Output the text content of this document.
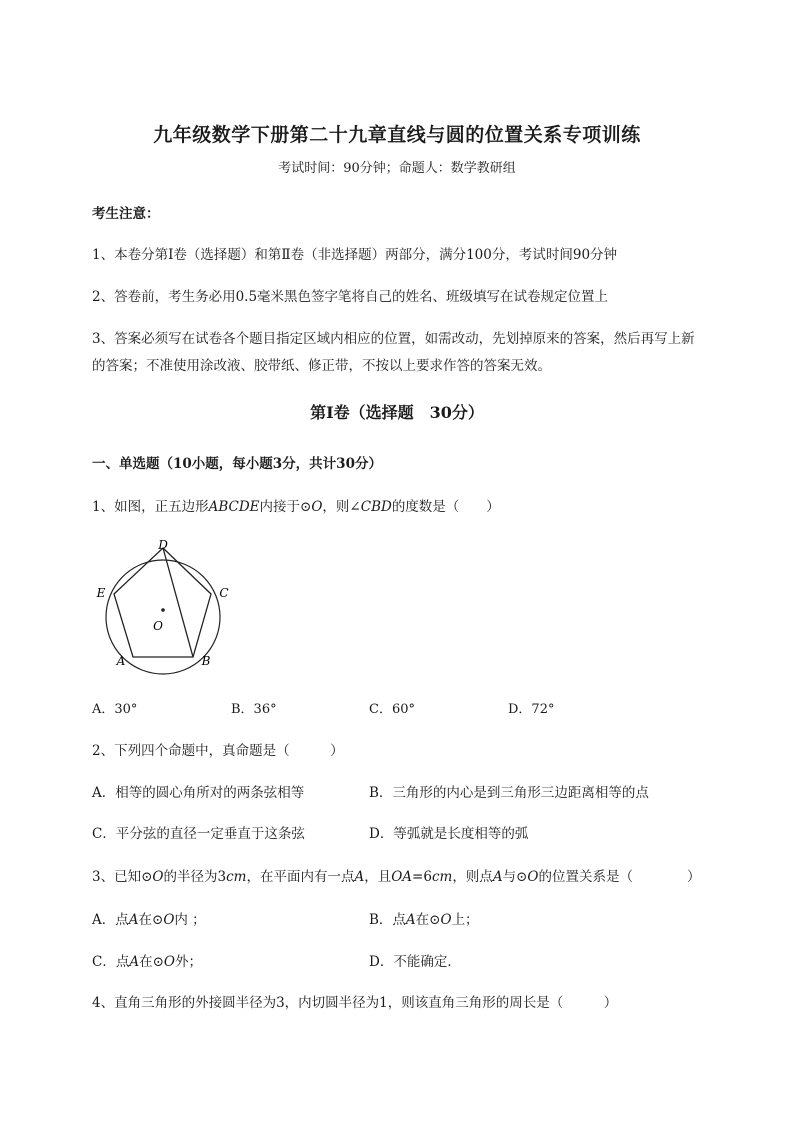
九年级数学下册第二十九章直线与圆的位置关系专项训练
考试时间：90分钟；命题人：数学教研组
考生注意：
1、本卷分第Ⅰ卷（选择题）和第Ⅱ卷（非选择题）两部分，满分100分，考试时间90分钟
2、答卷前，考生务必用0.5毫米黑色签字笔将自己的姓名、班级填写在试卷规定位置上
3、答案必须写在试卷各个题目指定区域内相应的位置，如需改动，先划掉原来的答案，然后再写上新
的答案；不准使用涂改液、胶带纸、修正带，不按以上要求作答的答案无效。
第Ⅰ卷（选择题　30分）
一、单选题（10小题，每小题3分，共计30分）
1、如图，正五边形ABCDE内接于⊙O，则∠CBD的度数是（　　）
D
C
B
A
E
O
A．30°	B．36°	C．60°	D．72°
2、下列四个命题中，真命题是（　　　）
A．相等的圆心角所对的两条弦相等	B．三角形的内心是到三角形三边距离相等的点
C．平分弦的直径一定垂直于这条弦	D．等弧就是长度相等的弧
3、已知⊙O的半径为3cm，在平面内有一点A，且OA=6cm，则点A与⊙O的位置关系是（　　　　）
A．点A在⊙O内 ；	B．点A在⊙O上；
C．点A在⊙O外；	D．不能确定．
4、直角三角形的外接圆半径为3，内切圆半径为1，则该直角三角形的周长是（　　　）
